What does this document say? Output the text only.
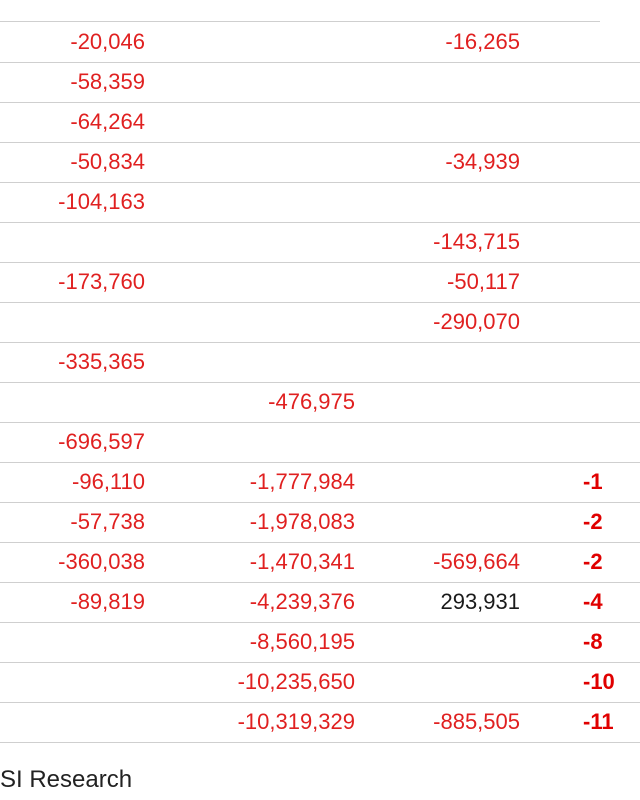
-20,046		-16,265	
-58,359			
-64,264			
-50,834		-34,939	
-104,163			
		-143,715	
-173,760		-50,117	
		-290,070	
-335,365			
	-476,975		
-696,597			
-96,110	-1,777,984		-1
-57,738	-1,978,083		-2
-360,038	-1,470,341	-569,664	-2
-89,819	-4,239,376	293,931	-4
	-8,560,195		-8
	-10,235,650		-10
	-10,319,329	-885,505	-11
SI Research
